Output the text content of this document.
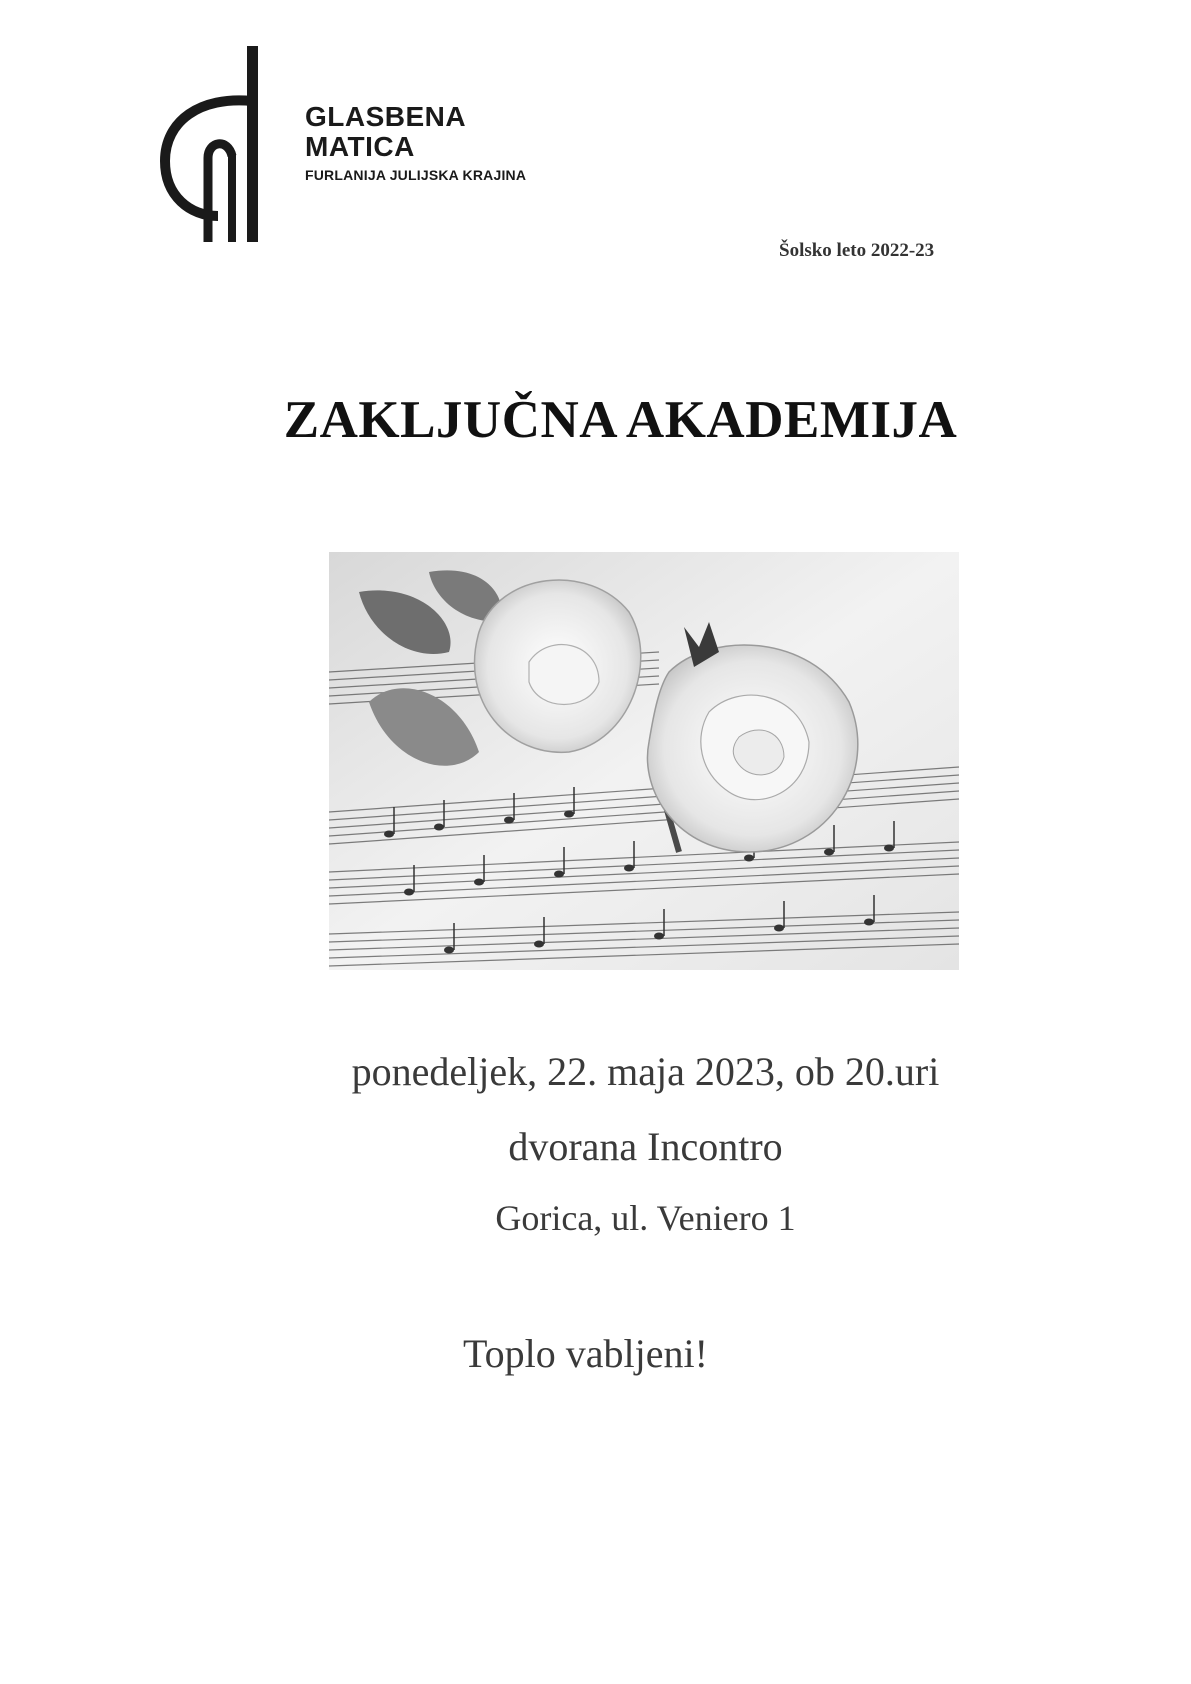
GLASBENA
MATICA
FURLANIJA JULIJSKA KRAJINA
Šolsko leto 2022-23
ZAKLJUČNA AKADEMIJA
ponedeljek, 22. maja 2023, ob 20.uri
dvorana Incontro
Gorica, ul. Veniero 1
Toplo vabljeni!
